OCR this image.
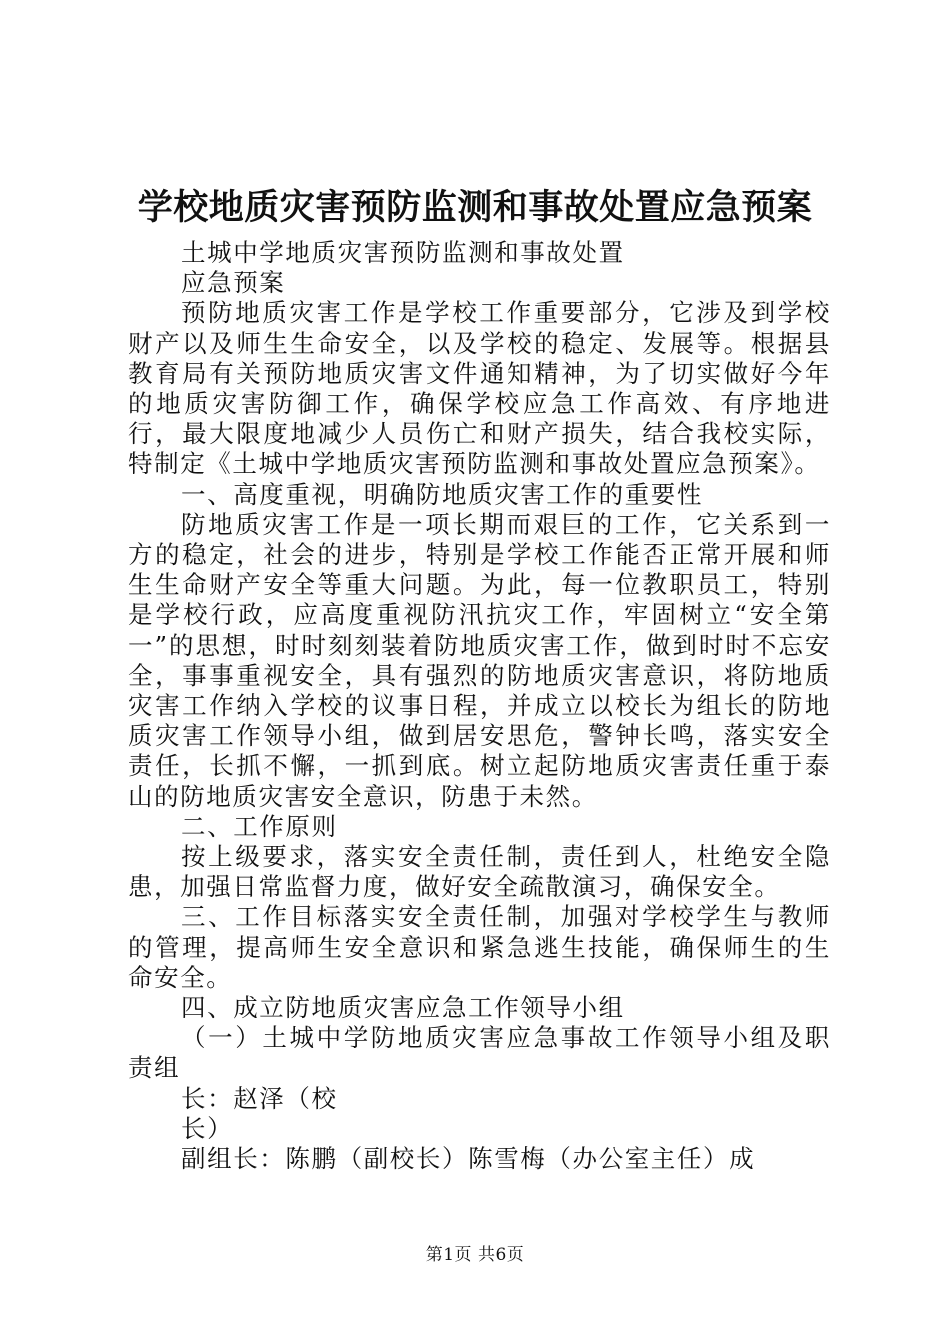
学校地质灾害预防监测和事故处置应急预案
土城中学地质灾害预防监测和事故处置
应急预案

预防地质灾害工作是学校工作重要部分，它涉及到学校财产以及师生生命安全，以及学校的稳定、发展等。根据县教育局有关预防地质灾害文件通知精神，为了切实做好今年的地质灾害防御工作，确保学校应急工作高效、有序地进行，最大限度地减少人员伤亡和财产损失，结合我校实际，特制定《土城中学地质灾害预防监测和事故处置应急预案》。

一、高度重视，明确防地质灾害工作的重要性

防地质灾害工作是一项长期而艰巨的工作，它关系到一方的稳定，社会的进步，特别是学校工作能否正常开展和师生生命财产安全等重大问题。为此，每一位教职员工，特别是学校行政，应高度重视防汛抗灾工作，牢固树立“安全第一”的思想，时时刻刻装着防地质灾害工作，做到时时不忘安全，事事重视安全，具有强烈的防地质灾害意识，将防地质灾害工作纳入学校的议事日程，并成立以校长为组长的防地质灾害工作领导小组，做到居安思危，警钟长鸣，落实安全责任，长抓不懈，一抓到底。树立起防地质灾害责任重于泰山的防地质灾害安全意识，防患于未然。

二、工作原则

按上级要求，落实安全责任制，责任到人，杜绝安全隐患，加强日常监督力度，做好安全疏散演习，确保安全。

三、工作目标落实安全责任制，加强对学校学生与教师的管理，提高师生安全意识和紧急逃生技能，确保师生的生命安全。

四、成立防地质灾害应急工作领导小组

（一）土城中学防地质灾害应急事故工作领导小组及职责组

长：赵泽（校
长）
副组长：陈鹏（副校长）陈雪梅（办公室主任）成
第1页 共6页
